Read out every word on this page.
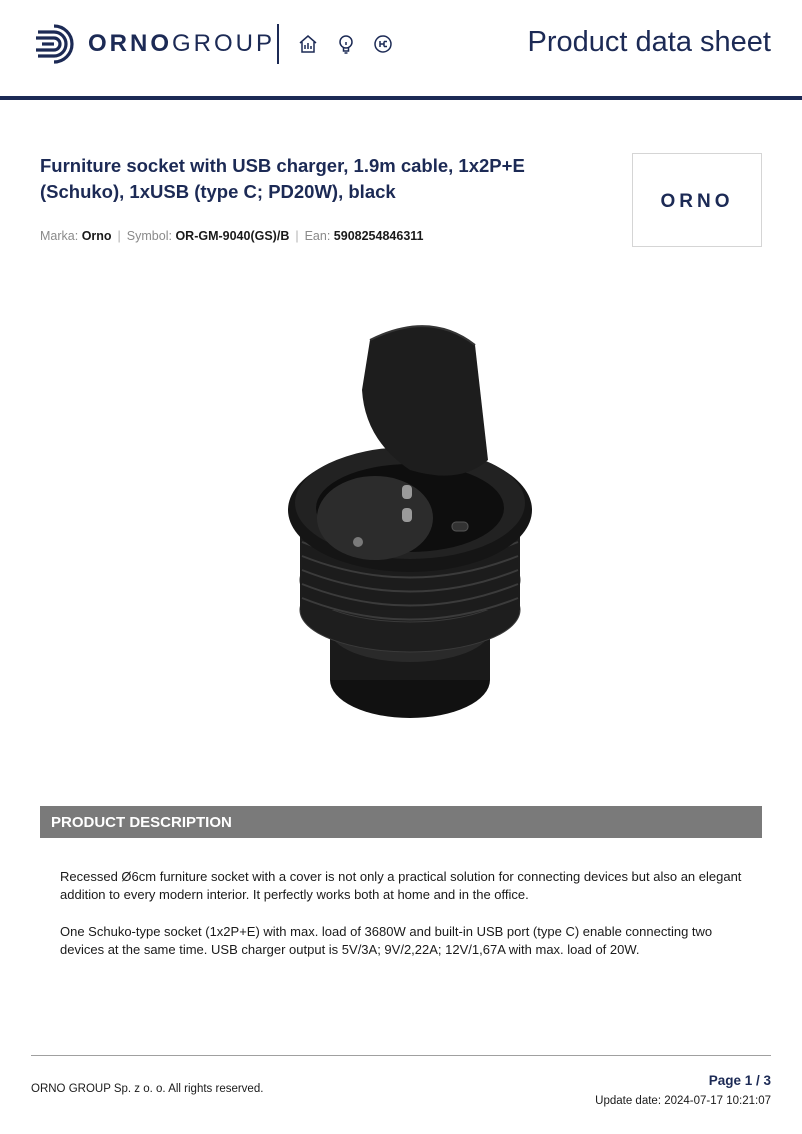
ORNOGROUP	Product data sheet
Furniture socket with USB charger, 1.9m cable, 1x2P+E (Schuko), 1xUSB (type C; PD20W), black
Marka: Orno | Symbol: OR-GM-9040(GS)/B | Ean: 5908254846311
ORNO
PRODUCT DESCRIPTION

Recessed Ø6cm furniture socket with a cover is not only a practical solution for connecting devices but also an elegant addition to every modern interior. It perfectly works both at home and in the office.

One Schuko-type socket (1x2P+E) with max. load of 3680W and built-in USB port (type C) enable connecting two devices at the same time. USB charger output is 5V/3A; 9V/2,22A; 12V/1,67A with max. load of 20W.

ORNO GROUP Sp. z o. o. All rights reserved.
Page 1 / 3
Update date: 2024-07-17 10:21:07
